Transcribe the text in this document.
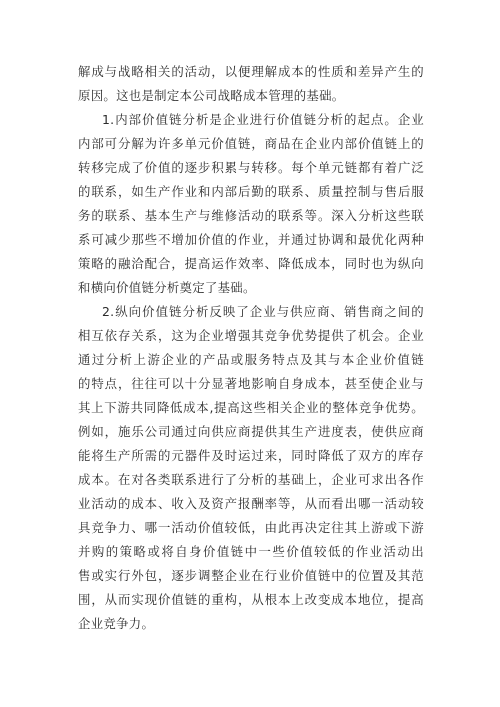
解成与战略相关的活动，以便理解成本的性质和差异产生的
原因。这也是制定本公司战略成本管理的基础。
1.内部价值链分析是企业进行价值链分析的起点。企业
内部可分解为许多单元价值链，商品在企业内部价值链上的
转移完成了价值的逐步积累与转移。每个单元链都有着广泛
的联系，如生产作业和内部后勤的联系、质量控制与售后服
务的联系、基本生产与维修活动的联系等。深入分析这些联
系可减少那些不增加价值的作业，并通过协调和最优化两种
策略的融洽配合，提高运作效率、降低成本，同时也为纵向
和横向价值链分析奠定了基础。
2.纵向价值链分析反映了企业与供应商、销售商之间的
相互依存关系，这为企业增强其竞争优势提供了机会。企业
通过分析上游企业的产品或服务特点及其与本企业价值链
的特点，往往可以十分显著地影响自身成本，甚至使企业与
其上下游共同降低成本,提高这些相关企业的整体竞争优势。
例如，施乐公司通过向供应商提供其生产进度表，使供应商
能将生产所需的元器件及时运过来，同时降低了双方的库存
成本。在对各类联系进行了分析的基础上，企业可求出各作
业活动的成本、收入及资产报酬率等，从而看出哪一活动较
具竞争力、哪一活动价值较低，由此再决定往其上游或下游
并购的策略或将自身价值链中一些价值较低的作业活动出
售或实行外包，逐步调整企业在行业价值链中的位置及其范
围，从而实现价值链的重构，从根本上改变成本地位，提高
企业竞争力。
